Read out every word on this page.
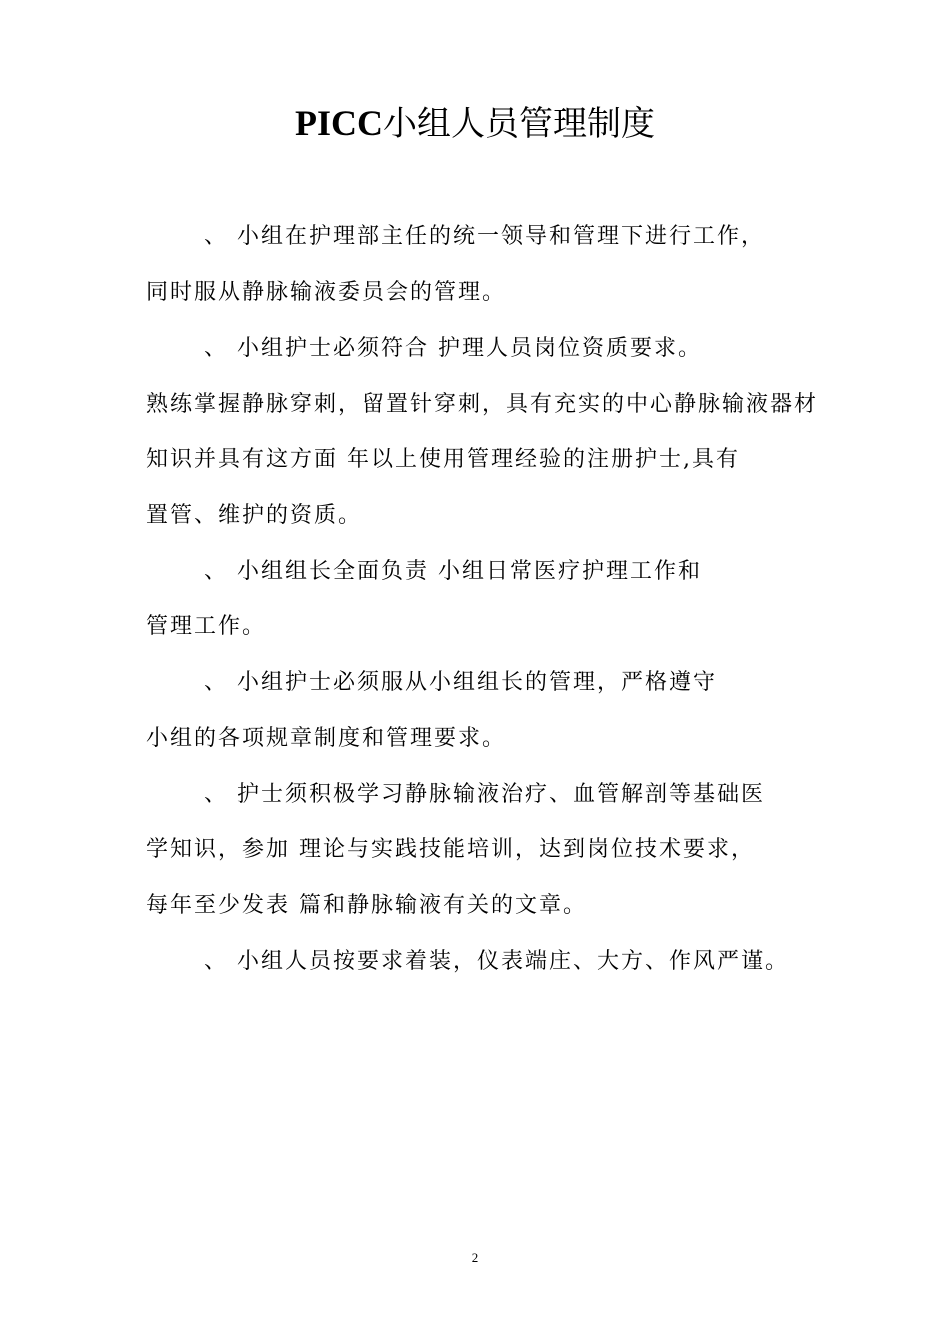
PICC小组人员管理制度
、 小组在护理部主任的统一领导和管理下进行工作，
同时服从静脉输液委员会的管理。
、 小组护士必须符合 护理人员岗位资质要求。
熟练掌握静脉穿刺，留置针穿刺，具有充实的中心静脉输液器材
知识并具有这方面 年以上使用管理经验的注册护士,具有
置管、维护的资质。
、 小组组长全面负责 小组日常医疗护理工作和
管理工作。
、 小组护士必须服从小组组长的管理，严格遵守
小组的各项规章制度和管理要求。
、 护士须积极学习静脉输液治疗、血管解剖等基础医
学知识，参加 理论与实践技能培训，达到岗位技术要求，
每年至少发表 篇和静脉输液有关的文章。
、 小组人员按要求着装，仪表端庄、大方、作风严谨。
2
